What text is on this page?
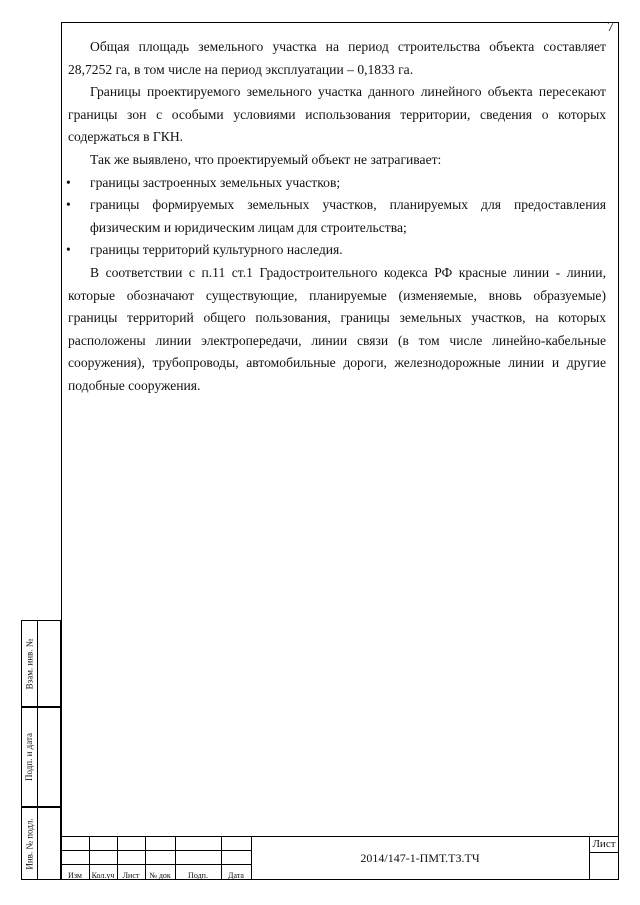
7

Общая площадь земельного участка на период строительства объекта составляет 28,7252 га, в том числе на период эксплуатации – 0,1833 га.

Границы проектируемого земельного участка данного линейного объекта пересекают границы зон с особыми условиями использования территории, сведения о которых содержаться в ГКН.

Так же выявлено, что проектируемый объект не затрагивает:

• границы застроенных земельных участков;
• границы формируемых земельных участков, планируемых для предоставления физическим и юридическим лицам для строительства;
• границы территорий культурного наследия.

В соответствии с п.11 ст.1 Градостроительного кодекса РФ красные линии - линии, которые обозначают существующие, планируемые (изменяемые, вновь образуемые) границы территорий общего пользования, границы земельных участков, на которых расположены линии электропередачи, линии связи (в том числе линейно-кабельные сооружения), трубопроводы, автомобильные дороги, железнодорожные линии и другие подобные сооружения.

Взам. инв. №
Подп. и дата
Инв. № подл.
Изм	Кол.уч	Лист	№ док	Подп.	Дата
2014/147-1-ПМТ.ТЗ.ТЧ
Лист
